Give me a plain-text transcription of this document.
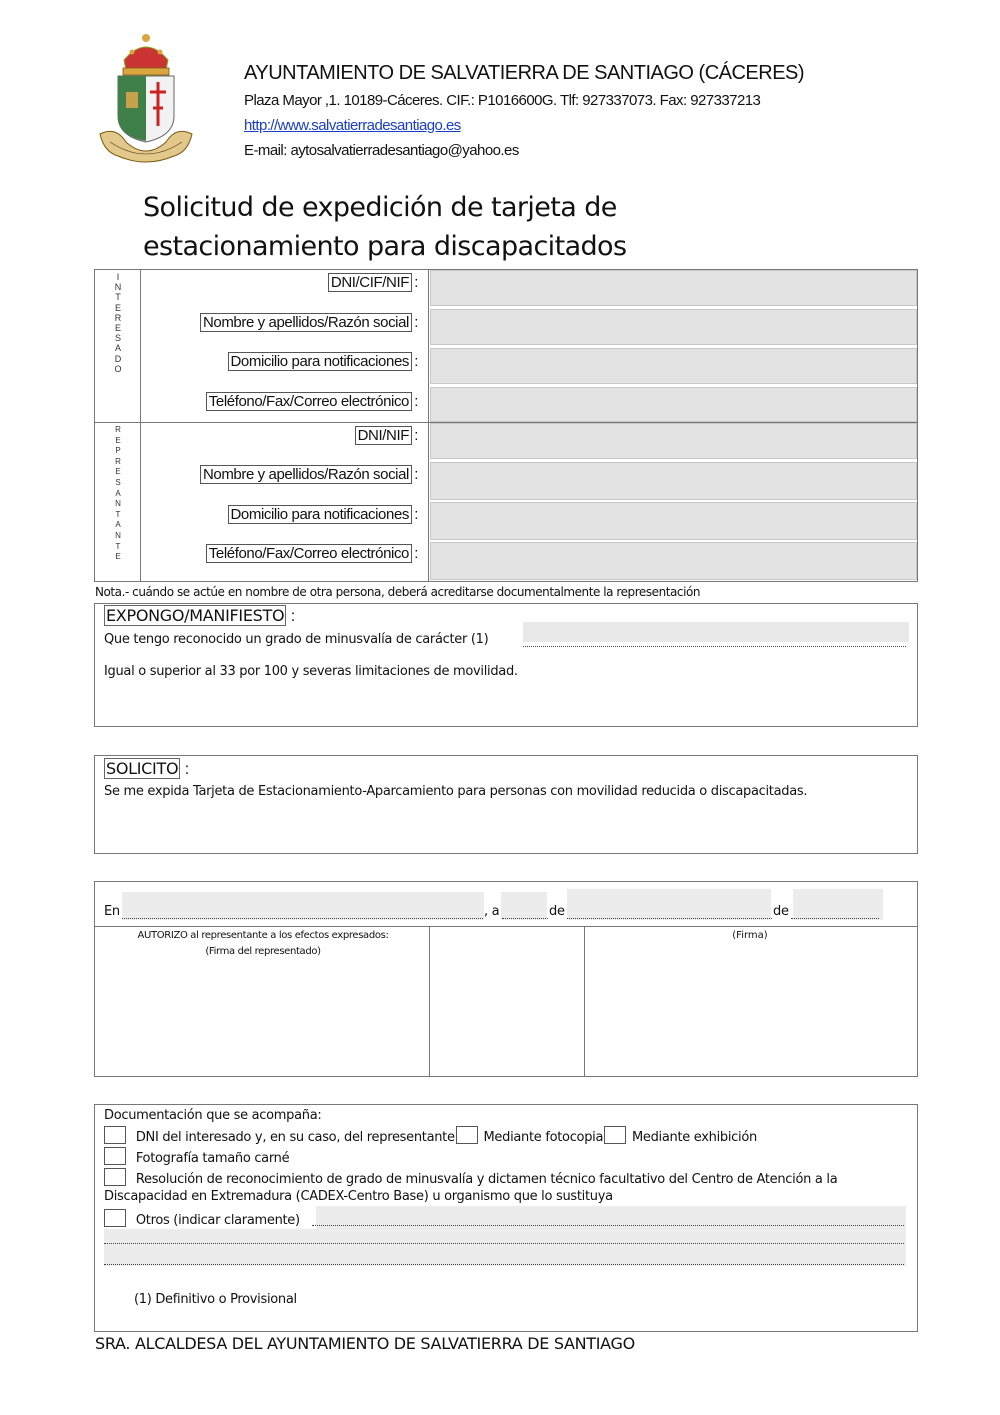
AYUNTAMIENTO DE SALVATIERRA DE SANTIAGO (CÁCERES)
Plaza Mayor ,1. 10189-Cáceres. CIF.: P1016600G. Tlf: 927337073. Fax: 927337213
http://www.salvatierradesantiago.es
E-mail: aytosalvatierradesantiago@yahoo.es
Solicitud de expedición de tarjeta de
estacionamiento para discapacitados
I
N
T
E
R
E
S
A
D
O
R
E
P
R
E
S
A
N
T
A
N
T
E
DNI/CIF/NIF :
Nombre y apellidos/Razón social :
Domicilio para notificaciones :
Teléfono/Fax/Correo electrónico :
DNI/NIF :
Nombre y apellidos/Razón social :
Domicilio para notificaciones :
Teléfono/Fax/Correo electrónico :
Nota.- cuándo se actúe en nombre de otra persona, deberá acreditarse documentalmente la representación
EXPONGO/MANIFIESTO :
Que tengo reconocido un grado de minusvalía de carácter (1)
Igual o superior al 33 por 100 y severas limitaciones de movilidad.
SOLICITO :
Se me expida Tarjeta de Estacionamiento-Aparcamiento para personas con movilidad reducida o discapacitadas.
En	, a	de	de
AUTORIZO al representante a los efectos expresados:
(Firma del representado)
(Firma)
Documentación que se acompaña:
DNI del interesado y, en su caso, del representante Mediante fotocopia Mediante exhibición
Fotografía tamaño carné
Resolución de reconocimiento de grado de minusvalía y dictamen técnico facultativo del Centro de Atención a la
Discapacidad en Extremadura (CADEX-Centro Base) u organismo que lo sustituya
Otros (indicar claramente)
(1) Definitivo o Provisional
SRA. ALCALDESA DEL AYUNTAMIENTO DE SALVATIERRA DE SANTIAGO
